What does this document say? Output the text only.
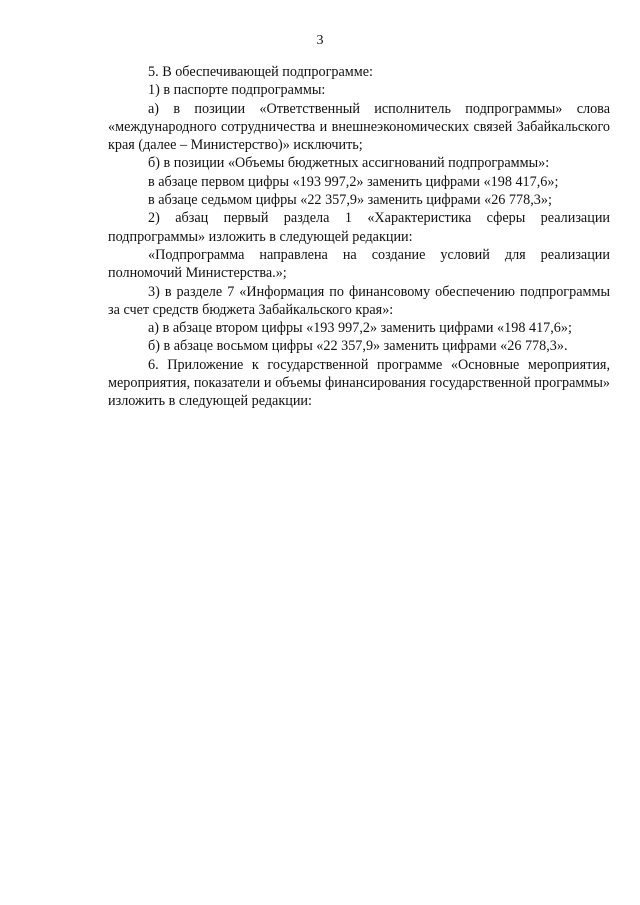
3

5. В обеспечивающей подпрограмме:

1) в паспорте подпрограммы:

а) в позиции «Ответственный исполнитель подпрограммы» слова «международного сотрудничества и внешнеэкономических связей Забайкальского края (далее – Министерство)» исключить;

б) в позиции «Объемы бюджетных ассигнований подпрограммы»:

в абзаце первом цифры «193 997,2» заменить цифрами «198 417,6»;

в абзаце седьмом цифры «22 357,9» заменить цифрами «26 778,3»;

2) абзац первый раздела 1 «Характеристика сферы реализации подпрограммы» изложить в следующей редакции:

«Подпрограмма направлена на создание условий для реализации полномочий Министерства.»;

3) в разделе 7 «Информация по финансовому обеспечению подпрограммы за счет средств бюджета Забайкальского края»:

а) в абзаце втором цифры «193 997,2» заменить цифрами «198 417,6»;

б) в абзаце восьмом цифры «22 357,9» заменить цифрами «26 778,3».

6. Приложение к государственной программе «Основные мероприятия, мероприятия, показатели и объемы финансирования государственной программы» изложить в следующей редакции:
